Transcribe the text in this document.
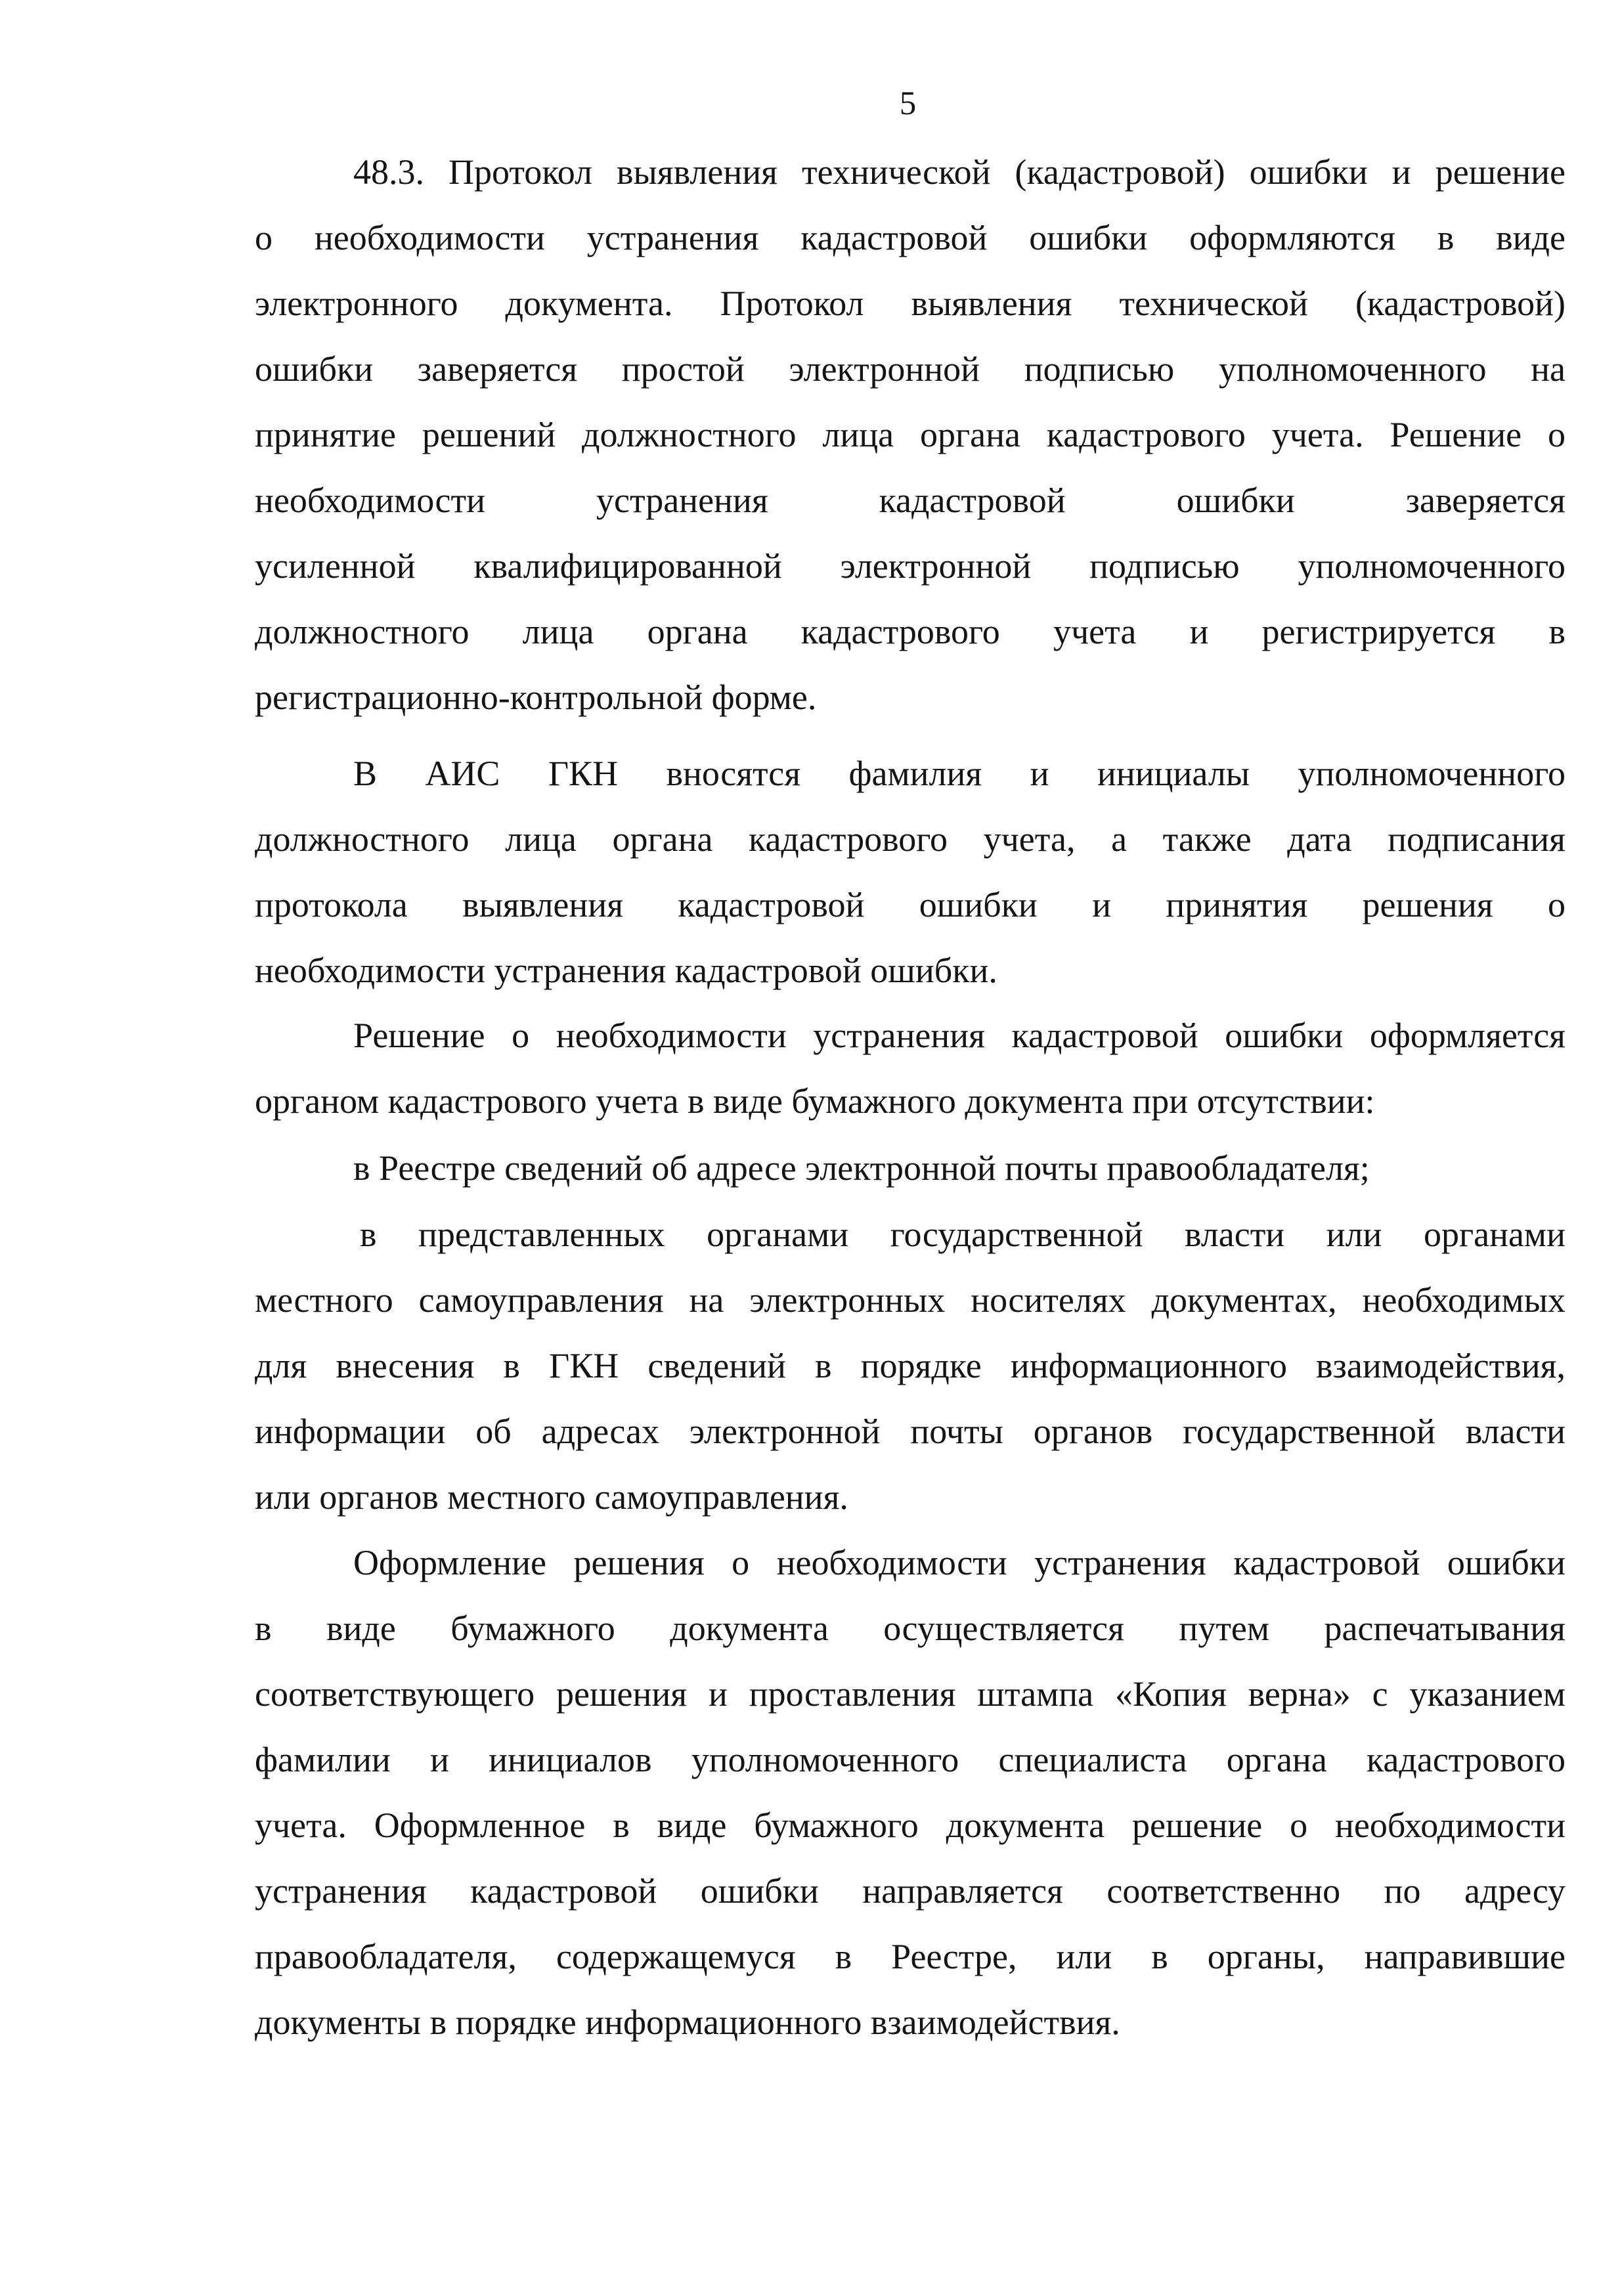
5
48.3. Протокол выявления технической (кадастровой) ошибки и решение
о необходимости устранения кадастровой ошибки оформляются в виде
электронного документа. Протокол выявления технической (кадастровой)
ошибки заверяется простой электронной подписью уполномоченного на
принятие решений должностного лица органа кадастрового учета. Решение о
необходимости устранения кадастровой ошибки заверяется
усиленной квалифицированной электронной подписью уполномоченного
должностного лица органа кадастрового учета и регистрируется в
регистрационно-контрольной форме.
В АИС ГКН вносятся фамилия и инициалы уполномоченного
должностного лица органа кадастрового учета, а также дата подписания
протокола выявления кадастровой ошибки и принятия решения о
необходимости устранения кадастровой ошибки.
Решение о необходимости устранения кадастровой ошибки оформляется
органом кадастрового учета в виде бумажного документа при отсутствии:
в Реестре сведений об адресе электронной почты правообладателя;
в представленных органами государственной власти или органами
местного самоуправления на электронных носителях документах, необходимых
для внесения в ГКН сведений в порядке информационного взаимодействия,
информации об адресах электронной почты органов государственной власти
или органов местного самоуправления.
Оформление решения о необходимости устранения кадастровой ошибки
в виде бумажного документа осуществляется путем распечатывания
соответствующего решения и проставления штампа «Копия верна» с указанием
фамилии и инициалов уполномоченного специалиста органа кадастрового
учета. Оформленное в виде бумажного документа решение о необходимости
устранения кадастровой ошибки направляется соответственно по адресу
правообладателя, содержащемуся в Реестре, или в органы, направившие
документы в порядке информационного взаимодействия.
